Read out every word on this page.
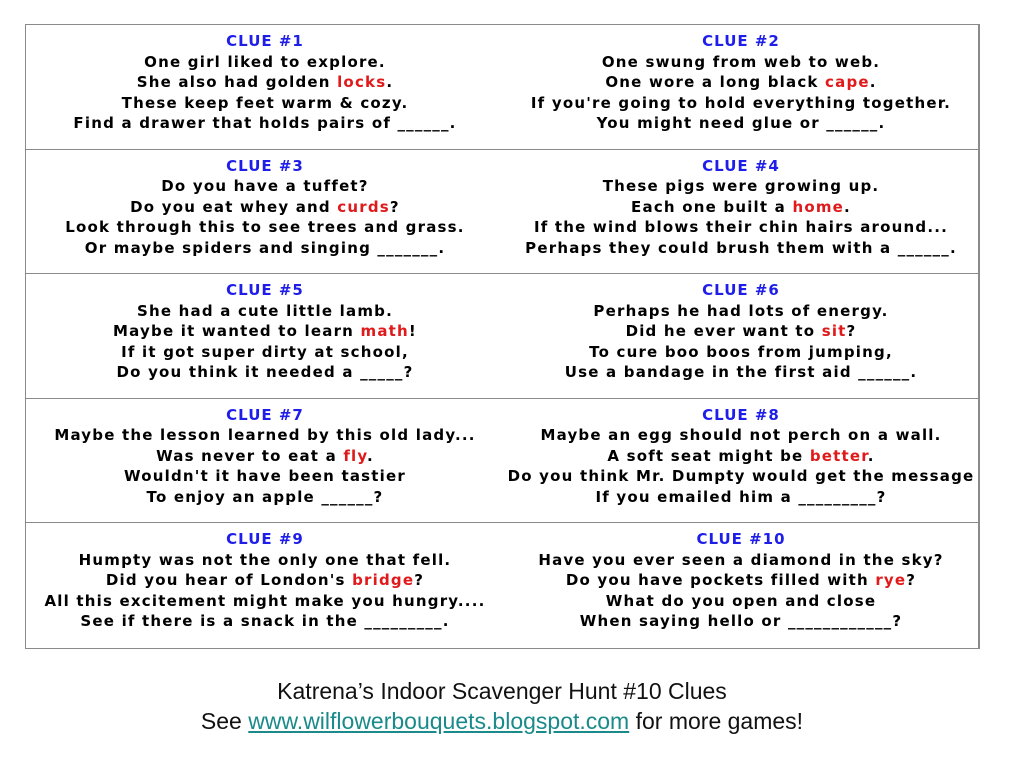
CLUE #1
One girl liked to explore.
She also had golden locks.
These keep feet warm & cozy.
Find a drawer that holds pairs of ______.
CLUE #2
One swung from web to web.
One wore a long black cape.
If you're going to hold everything together.
You might need glue or ______.
CLUE #3
Do you have a tuffet?
Do you eat whey and curds?
Look through this to see trees and grass.
Or maybe spiders and singing _______.
CLUE #4
These pigs were growing up.
Each one built a home.
If the wind blows their chin hairs around...
Perhaps they could brush them with a ______.
CLUE #5
She had a cute little lamb.
Maybe it wanted to learn math!
If it got super dirty at school,
Do you think it needed a _____?
CLUE #6
Perhaps he had lots of energy.
Did he ever want to sit?
To cure boo boos from jumping,
Use a bandage in the first aid ______.
CLUE #7
Maybe the lesson learned by this old lady...
Was never to eat a fly.
Wouldn't it have been tastier
To enjoy an apple ______?
CLUE #8
Maybe an egg should not perch on a wall.
A soft seat might be better.
Do you think Mr. Dumpty would get the message
If you emailed him a _________?
CLUE #9
Humpty was not the only one that fell.
Did you hear of London's bridge?
All this excitement might make you hungry....
See if there is a snack in the _________.
CLUE #10
Have you ever seen a diamond in the sky?
Do you have pockets filled with rye?
What do you open and close
When saying hello or ____________?
Katrena’s Indoor Scavenger Hunt #10 Clues
See www.wilflowerbouquets.blogspot.com for more games!
